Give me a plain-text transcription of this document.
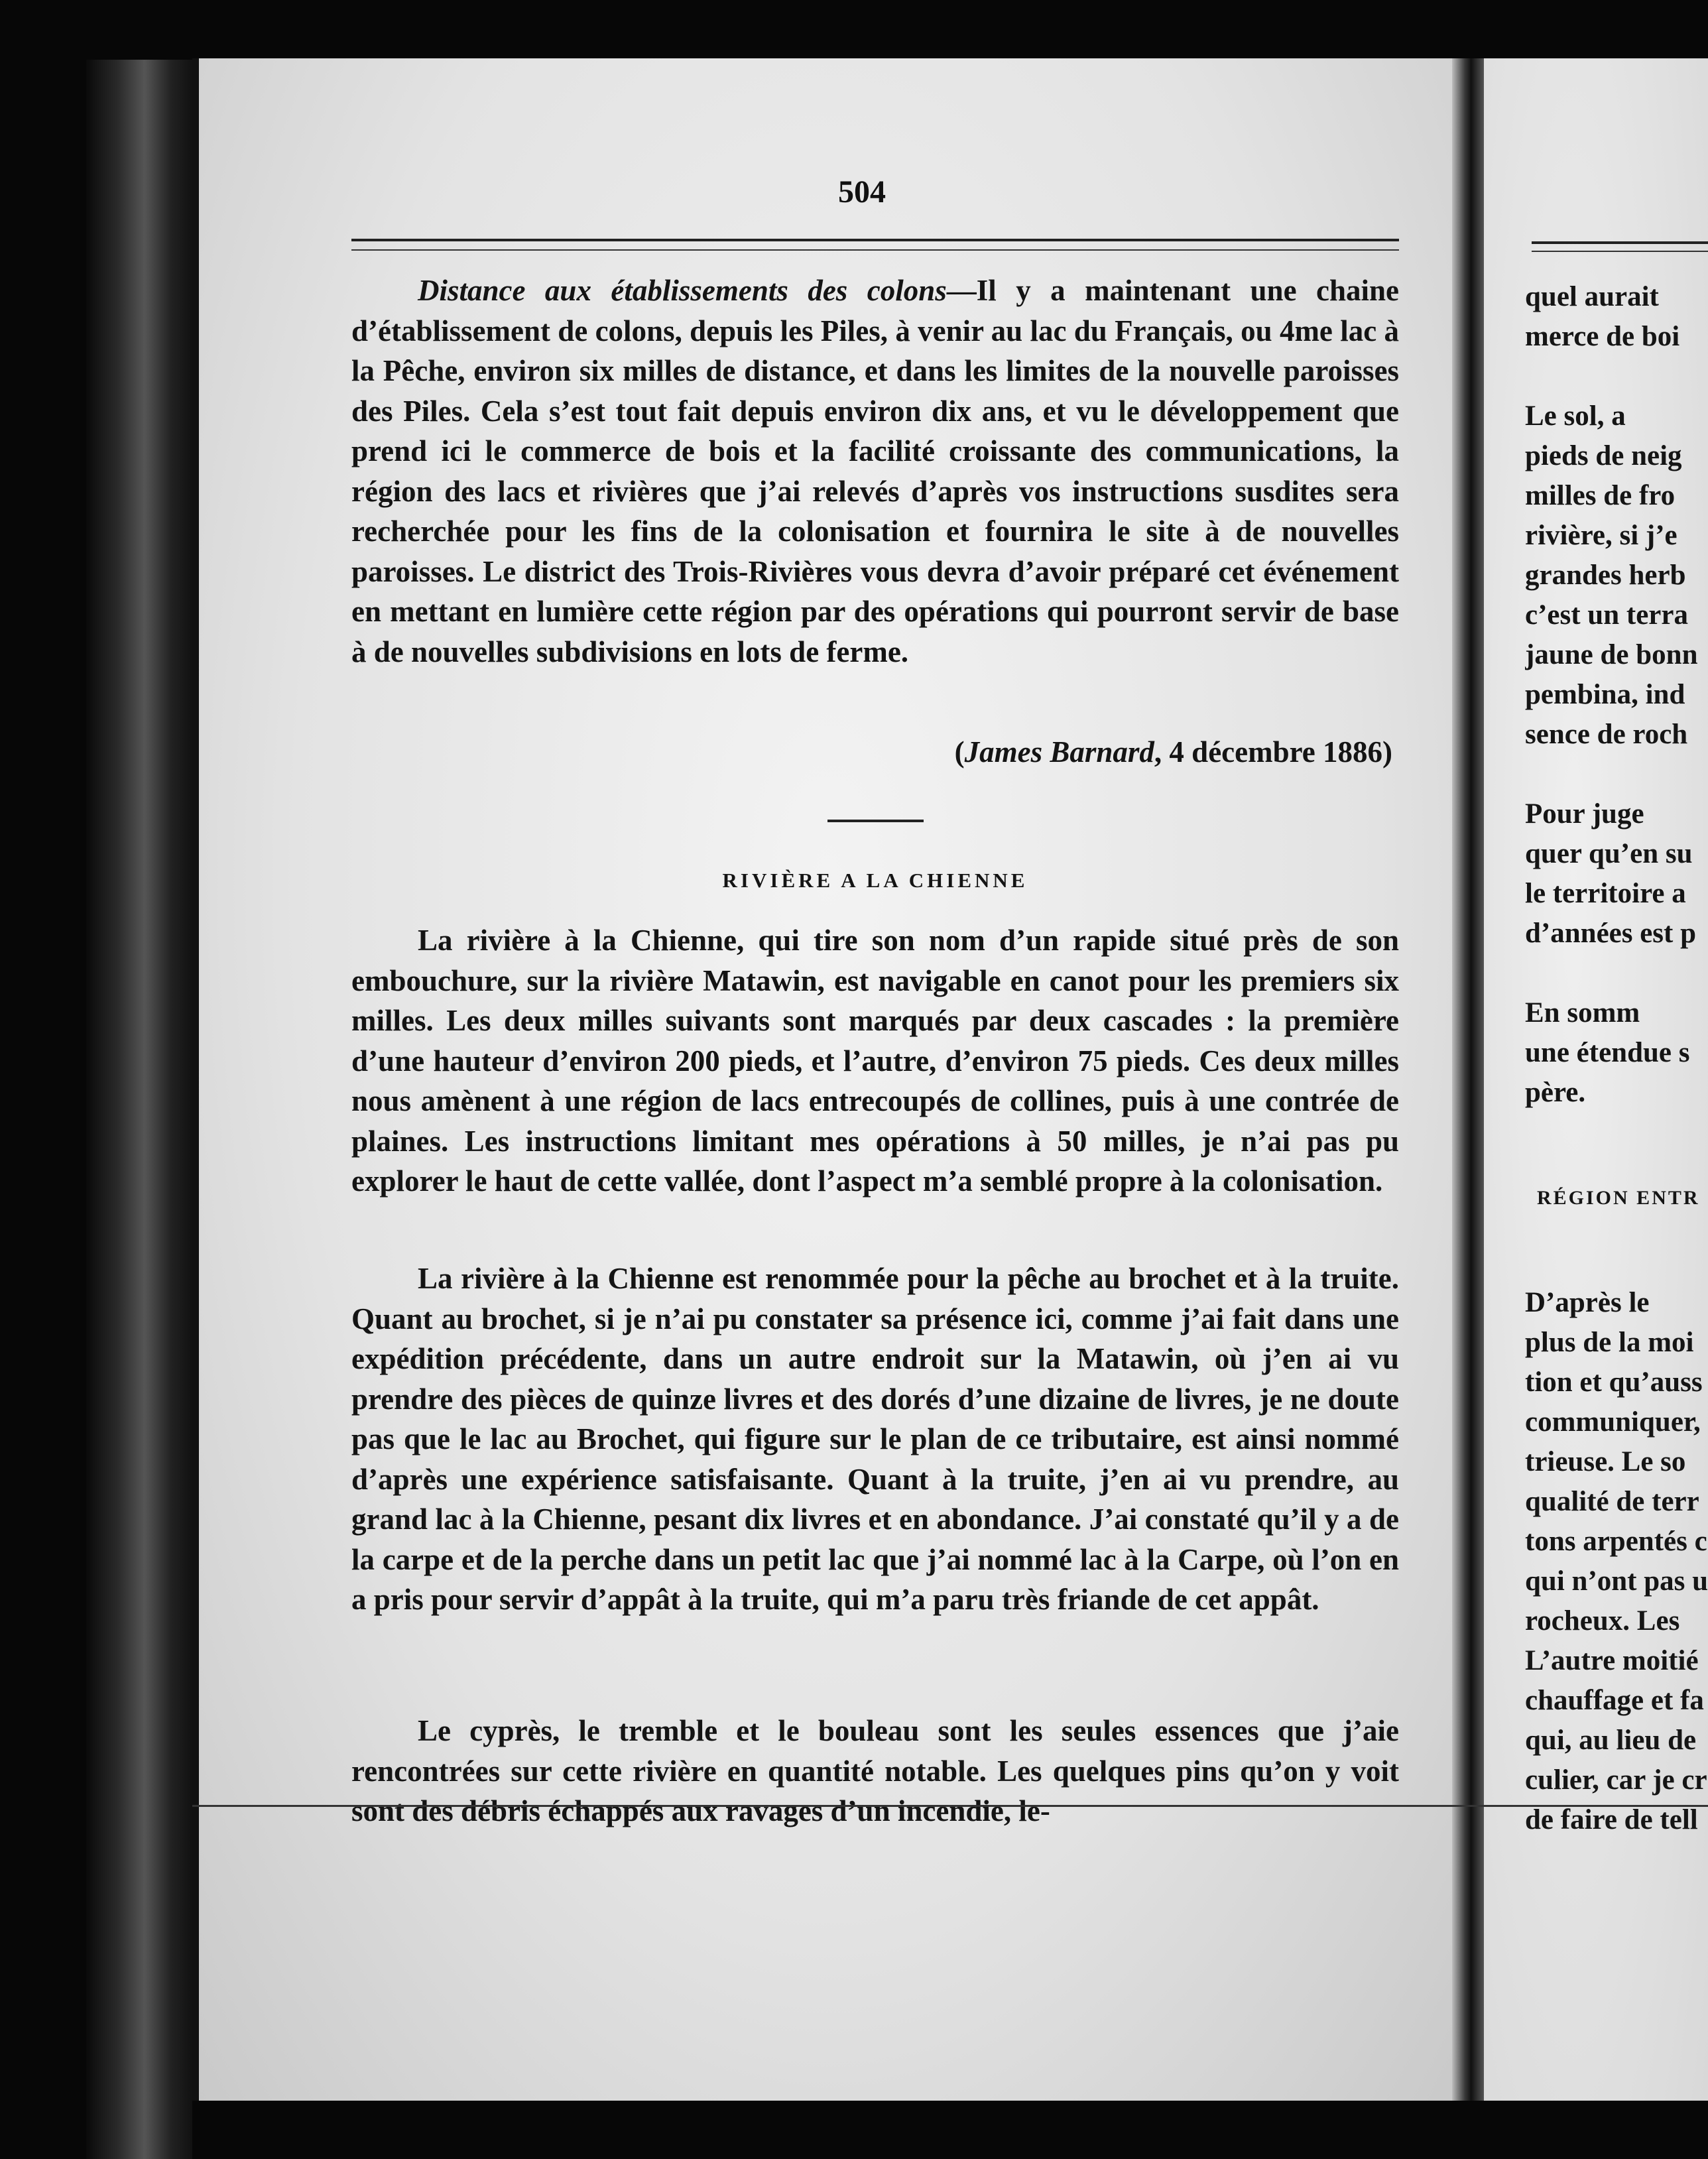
504

Distance aux établissements des colons—Il y a maintenant une chaine d’établissement de colons, depuis les Piles, à venir au lac du Français, ou 4me lac à la Pêche, environ six milles de distance, et dans les limites de la nouvelle paroisses des Piles. Cela s’est tout fait depuis environ dix ans, et vu le développement que prend ici le commerce de bois et la facilité croissante des communications, la région des lacs et rivières que j’ai relevés d’après vos instructions susdites sera recherchée pour les fins de la colonisation et fournira le site à de nouvelles paroisses. Le district des Trois-Rivières vous devra d’avoir préparé cet événement en mettant en lumière cette région par des opérations qui pourront servir de base à de nouvelles subdivisions en lots de ferme.

(James Barnard, 4 décembre 1886)
RIVIÈRE A LA CHIENNE

La rivière à la Chienne, qui tire son nom d’un rapide situé près de son embouchure, sur la rivière Matawin, est navigable en canot pour les premiers six milles. Les deux milles suivants sont marqués par deux cascades : la première d’une hauteur d’environ 200 pieds, et l’autre, d’environ 75 pieds. Ces deux milles nous amènent à une région de lacs entrecoupés de collines, puis à une contrée de plaines. Les instructions limitant mes opérations à 50 milles, je n’ai pas pu explorer le haut de cette vallée, dont l’aspect m’a semblé propre à la colonisation.

La rivière à la Chienne est renommée pour la pêche au brochet et à la truite. Quant au brochet, si je n’ai pu constater sa présence ici, comme j’ai fait dans une expédition précédente, dans un autre endroit sur la Matawin, où j’en ai vu prendre des pièces de quinze livres et des dorés d’une dizaine de livres, je ne doute pas que le lac au Brochet, qui figure sur le plan de ce tributaire, est ainsi nommé d’après une expérience satisfaisante. Quant à la truite, j’en ai vu prendre, au grand lac à la Chienne, pesant dix livres et en abondance. J’ai constaté qu’il y a de la carpe et de la perche dans un petit lac que j’ai nommé lac à la Carpe, où l’on en a pris pour servir d’appât à la truite, qui m’a paru très friande de cet appât.

Le cyprès, le tremble et le bouleau sont les seules essences que j’aie rencontrées sur cette rivière en quantité notable. Les quelques pins qu’on y voit sont des débris échappés aux ravages d’un incendie, le-

quel aurait
merce de boi

Le sol, a
pieds de neig
milles de fro
rivière, si j’e
grandes herb
c’est un terra
jaune de bonn
pembina, ind
sence de roch

Pour juge
quer qu’en su
le territoire a
d’années est p

En somm
une étendue s
père.
RÉGION ENTR
D’après le
plus de la moi
tion et qu’auss
communiquer,
trieuse. Le so
qualité de terr
tons arpentés c
qui n’ont pas u
rocheux. Les
L’autre moitié
chauffage et fa
qui, au lieu de
culier, car je cr
de faire de tell
